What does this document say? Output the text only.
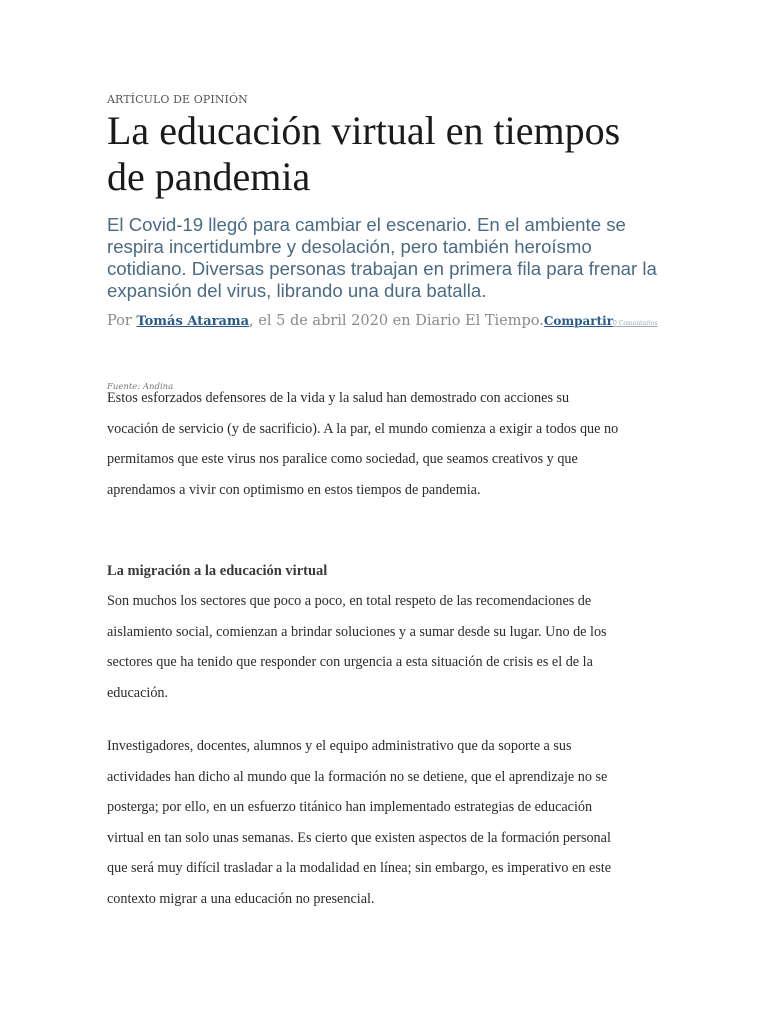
ARTÍCULO DE OPINIÓN
La educación virtual en tiempos de pandemia

El Covid-19 llegó para cambiar el escenario. En el ambiente se respira incertidumbre y desolación, pero también heroísmo cotidiano. Diversas personas trabajan en primera fila para frenar la expansión del virus, librando una dura batalla.

Por Tomás Atarama, el 5 de abril 2020 en Diario El Tiempo.Compartir0 Comentarios
Fuente: Andina

Estos esforzados defensores de la vida y la salud han demostrado con acciones su
vocación de servicio (y de sacrificio). A la par, el mundo comienza a exigir a todos que no
permitamos que este virus nos paralice como sociedad, que seamos creativos y que
aprendamos a vivir con optimismo en estos tiempos de pandemia.

La migración a la educación virtual

Son muchos los sectores que poco a poco, en total respeto de las recomendaciones de
aislamiento social, comienzan a brindar soluciones y a sumar desde su lugar. Uno de los
sectores que ha tenido que responder con urgencia a esta situación de crisis es el de la
educación.

Investigadores, docentes, alumnos y el equipo administrativo que da soporte a sus
actividades han dicho al mundo que la formación no se detiene, que el aprendizaje no se
posterga; por ello, en un esfuerzo titánico han implementado estrategias de educación
virtual en tan solo unas semanas. Es cierto que existen aspectos de la formación personal
que será muy difícil trasladar a la modalidad en línea; sin embargo, es imperativo en este
contexto migrar a una educación no presencial.
